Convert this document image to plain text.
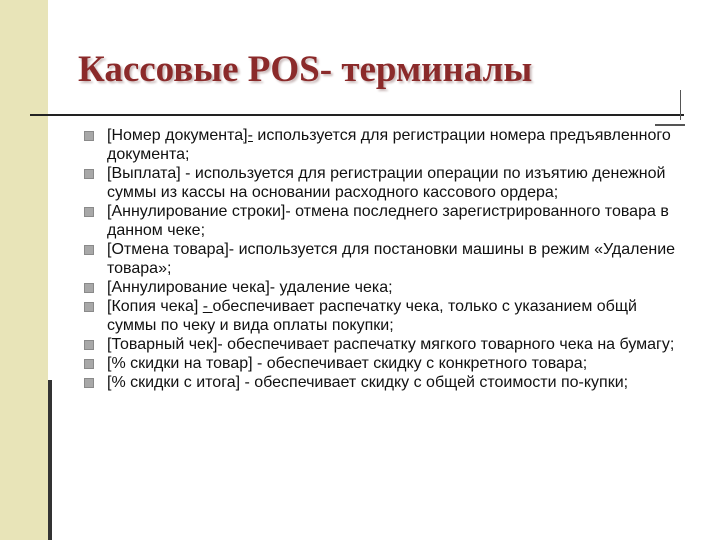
Кассовые POS- терминалы
[Номер документа]- используется для регистрации номера предъявленного документа;
[Выплата] - используется для регистрации операции по изъятию денежной суммы из кассы на основании расходного кассового ордера;
[Аннулирование строки]- отмена последнего зарегистрированного товара в данном чеке;
[Отмена товара]- используется для постановки машины в режим «Удаление товара»;
[Аннулирование чека]- удаление чека;
[Копия чека] - обеспечивает распечатку чека, только с указанием общй суммы по чеку и вида оплаты покупки;
[Товарный чек]- обеспечивает распечатку мягкого товарного чека на бумагу;
[% скидки на товар] - обеспечивает скидку с конкретного товара;
[% скидки с итога] - обеспечивает скидку с общей стоимости по-купки;
